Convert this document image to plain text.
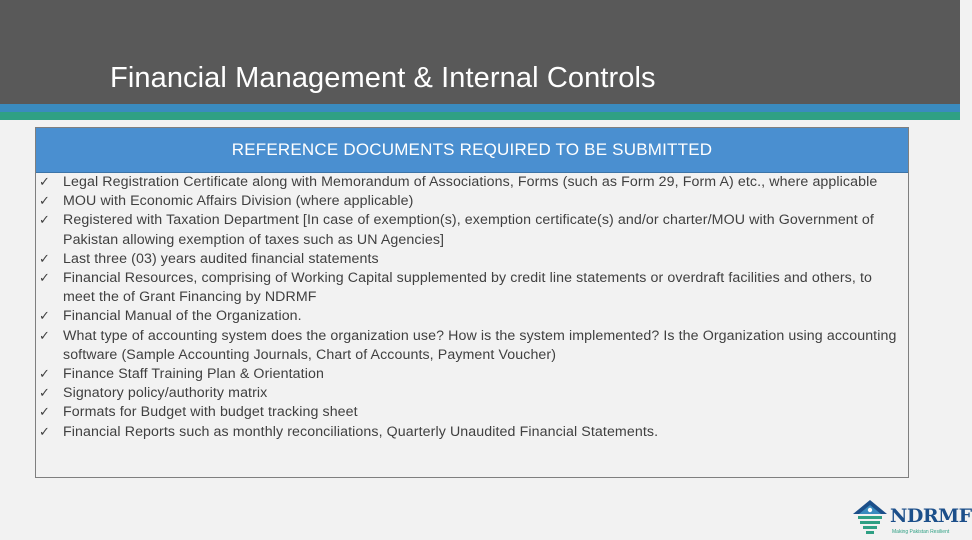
Financial Management & Internal Controls
REFERENCE DOCUMENTS REQUIRED TO BE SUBMITTED
✓ Legal Registration Certificate along with Memorandum of Associations, Forms (such as Form 29, Form A) etc., where applicable
✓ MOU with Economic Affairs Division (where applicable)
✓ Registered with Taxation Department [In case of exemption(s), exemption certificate(s) and/or charter/MOU with Government of Pakistan allowing exemption of taxes such as UN Agencies]
✓ Last three (03) years audited financial statements
✓ Financial Resources, comprising of Working Capital supplemented by credit line statements or overdraft facilities and others, to meet the of Grant Financing by NDRMF
✓ Financial Manual of the Organization.
✓ What type of accounting system does the organization use? How is the system implemented? Is the Organization using accounting software (Sample Accounting Journals, Chart of Accounts, Payment Voucher)
✓ Finance Staff Training Plan & Orientation
✓ Signatory policy/authority matrix
✓ Formats for Budget with budget tracking sheet
✓ Financial Reports such as monthly reconciliations, Quarterly Unaudited Financial Statements.
NDRMF
Making Pakistan Resilient
